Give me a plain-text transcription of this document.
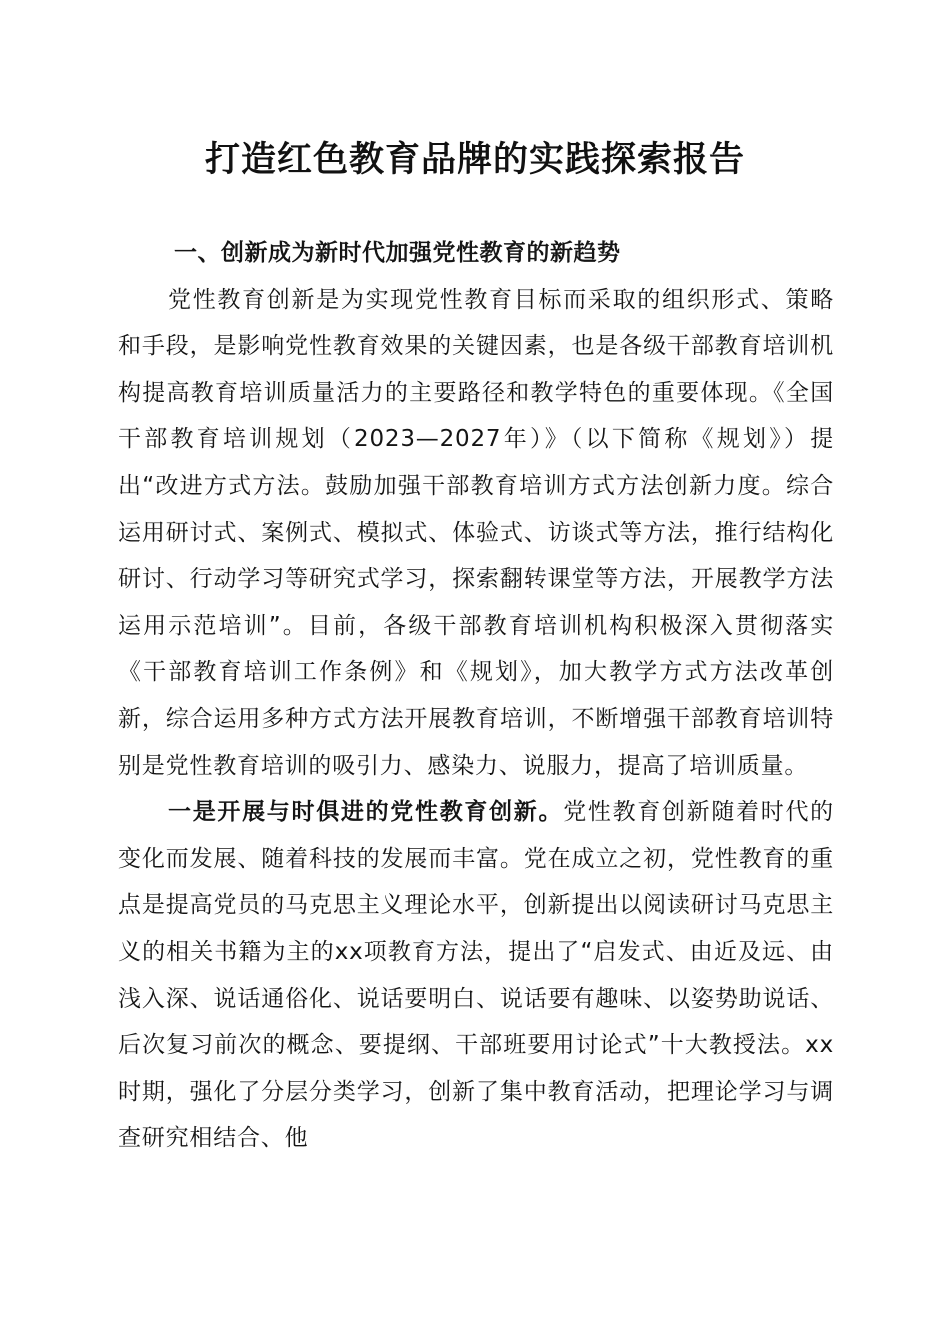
打造红色教育品牌的实践探索报告

一、创新成为新时代加强党性教育的新趋势

党性教育创新是为实现党性教育目标而采取的组织形式、策略和手段，是影响党性教育效果的关键因素，也是各级干部教育培训机构提高教育培训质量活力的主要路径和教学特色的重要体现。《全国干部教育培训规划（2023—2027年）》（以下简称《规划》）提出“改进方式方法。鼓励加强干部教育培训方式方法创新力度。综合运用研讨式、案例式、模拟式、体验式、访谈式等方法，推行结构化研讨、行动学习等研究式学习，探索翻转课堂等方法，开展教学方法运用示范培训”。目前，各级干部教育培训机构积极深入贯彻落实《干部教育培训工作条例》和《规划》，加大教学方式方法改革创新，综合运用多种方式方法开展教育培训，不断增强干部教育培训特别是党性教育培训的吸引力、感染力、说服力，提高了培训质量。

一是开展与时俱进的党性教育创新。党性教育创新随着时代的变化而发展、随着科技的发展而丰富。党在成立之初，党性教育的重点是提高党员的马克思主义理论水平，创新提出以阅读研讨马克思主义的相关书籍为主的xx项教育方法，提出了“启发式、由近及远、由浅入深、说话通俗化、说话要明白、说话要有趣味、以姿势助说话、后次复习前次的概念、要提纲、干部班要用讨论式”十大教授法。xx时期，强化了分层分类学习，创新了集中教育活动，把理论学习与调查研究相结合、他
